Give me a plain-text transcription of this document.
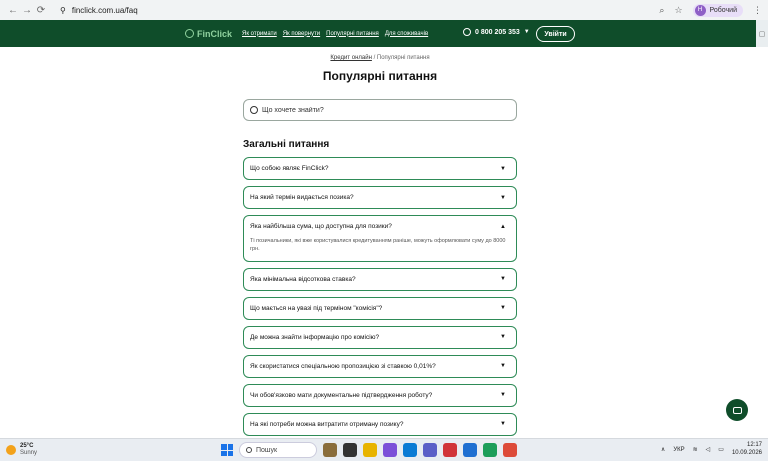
← → ⟳	⚲ finclick.com.ua/faq	⌕ ☆	Н	Робочий ⋮
FinClick Як отримати Як повернути Популярні питання Для споживачів	0 800 205 353 ▼	Увійти	▢
Кредит онлайн / Популярні питання
Популярні питання
Що хочете знайти?
Загальні питання
Що собою являє FinClick?	▼
На який термін видається позика?	▼
Яка найбільша сума, що доступна для позики?	▲
Ті позичальники, які вже користувалися кредитуванням раніше, можуть оформлювати суму до 8000 грн.
Яка мінімальна відсоткова ставка?	▼
Що мається на увазі під терміном "комісія"?	▼
Де можна знайти інформацію про комісію?	▼
Як скористатися спеціальною пропозицією зі ставкою 0,01%?	▼
Чи обов'язково мати документальне підтвердження роботу?	▼
На які потреби можна витратити отриману позику?	▼
25°C
Sunny	Пошук	∧ УКР ≋ ◁ ▭
12:17
10.09.2026
